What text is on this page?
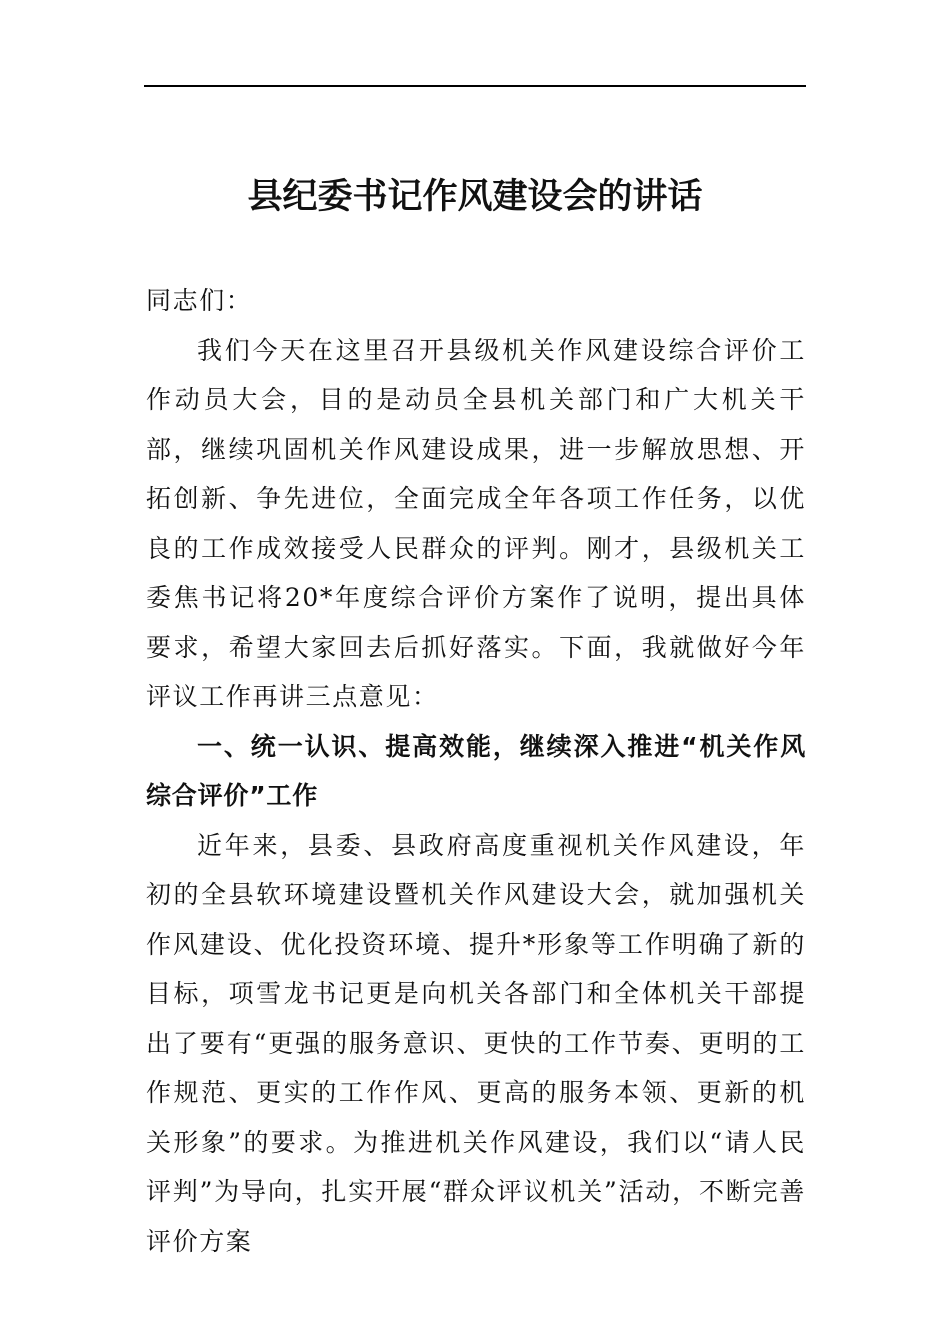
县纪委书记作风建设会的讲话

同志们：

我们今天在这里召开县级机关作风建设综合评价工作动员大会，目的是动员全县机关部门和广大机关干部，继续巩固机关作风建设成果，进一步解放思想、开拓创新、争先进位，全面完成全年各项工作任务，以优良的工作成效接受人民群众的评判。刚才，县级机关工委焦书记将20*年度综合评价方案作了说明，提出具体要求，希望大家回去后抓好落实。下面，我就做好今年评议工作再讲三点意见：

一、统一认识、提高效能，继续深入推进“机关作风综合评价”工作

近年来，县委、县政府高度重视机关作风建设，年初的全县软环境建设暨机关作风建设大会，就加强机关作风建设、优化投资环境、提升*形象等工作明确了新的目标，项雪龙书记更是向机关各部门和全体机关干部提出了要有“更强的服务意识、更快的工作节奏、更明的工作规范、更实的工作作风、更高的服务本领、更新的机关形象”的要求。为推进机关作风建设，我们以“请人民评判”为导向，扎实开展“群众评议机关”活动，不断完善评价方案
